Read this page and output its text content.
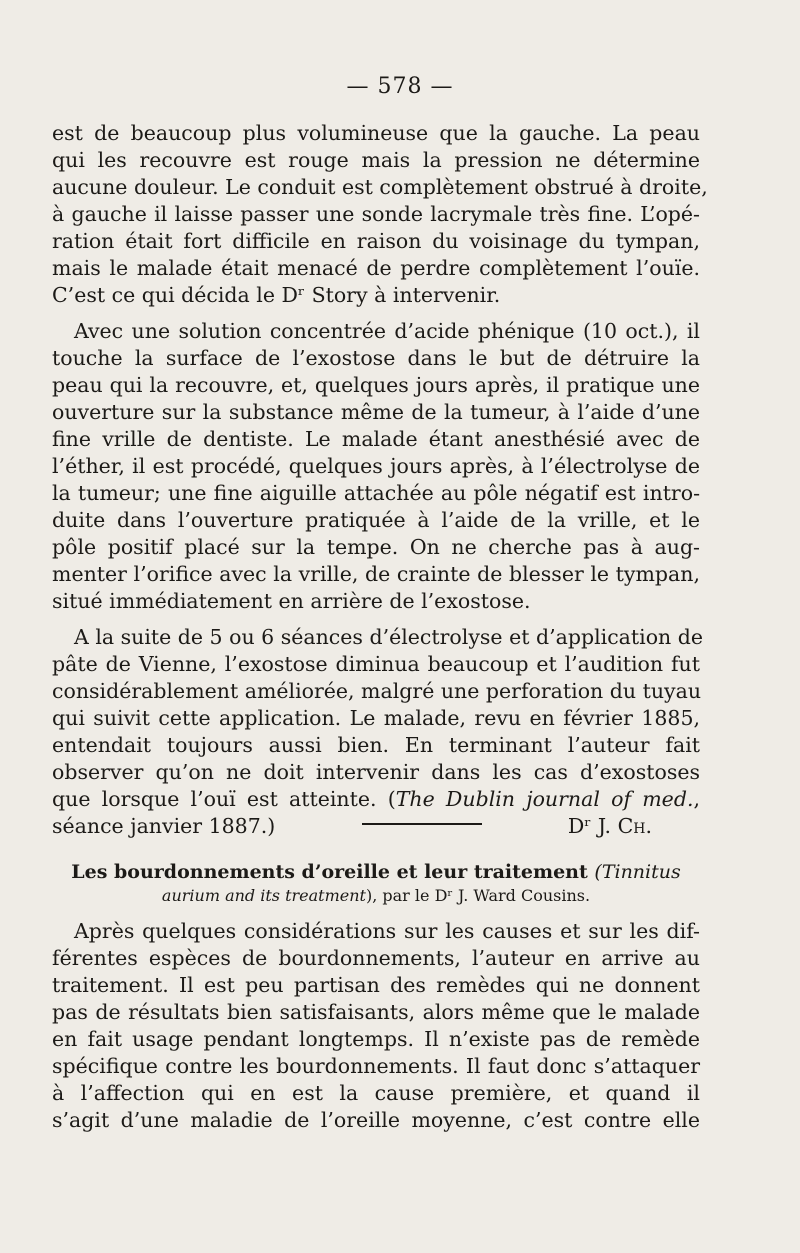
— 578 —
est de beaucoup plus volumineuse que la gauche. La peau
qui les recouvre est rouge mais la pression ne détermine
aucune douleur. Le conduit est complètement obstrué à droite,
à gauche il laisse passer une sonde lacrymale très fine. L’opé-
ration était fort difficile en raison du voisinage du tympan,
mais le malade était menacé de perdre complètement l’ouïe.
C’est ce qui décida le Dʳ Story à intervenir.
Avec une solution concentrée d’acide phénique (10 oct.), il
touche la surface de l’exostose dans le but de détruire la
peau qui la recouvre, et, quelques jours après, il pratique une
ouverture sur la substance même de la tumeur, à l’aide d’une
fine vrille de dentiste. Le malade étant anesthésié avec de
l’éther, il est procédé, quelques jours après, à l’électrolyse de
la tumeur; une fine aiguille attachée au pôle négatif est intro-
duite dans l’ouverture pratiquée à l’aide de la vrille, et le
pôle positif placé sur la tempe. On ne cherche pas à aug-
menter l’orifice avec la vrille, de crainte de blesser le tympan,
situé immédiatement en arrière de l’exostose.
A la suite de 5 ou 6 séances d’électrolyse et d’application de
pâte de Vienne, l’exostose diminua beaucoup et l’audition fut
considérablement améliorée, malgré une perforation du tuyau
qui suivit cette application. Le malade, revu en février 1885,
entendait toujours aussi bien. En terminant l’auteur fait
observer qu’on ne doit intervenir dans les cas d’exostoses
que lorsque l’ouï est atteinte. (The Dublin journal of med.,
séance janvier 1887.)	Dʳ J. Ch.
Les bourdonnements d’oreille et leur traitement (Tinnitus
aurium and its treatment), par le Dʳ J. Ward Cousins.
Après quelques considérations sur les causes et sur les dif-
férentes espèces de bourdonnements, l’auteur en arrive au
traitement. Il est peu partisan des remèdes qui ne donnent
pas de résultats bien satisfaisants, alors même que le malade
en fait usage pendant longtemps. Il n’existe pas de remède
spécifique contre les bourdonnements. Il faut donc s’attaquer
à l’affection qui en est la cause première, et quand il
s’agit d’une maladie de l’oreille moyenne, c’est contre elle
